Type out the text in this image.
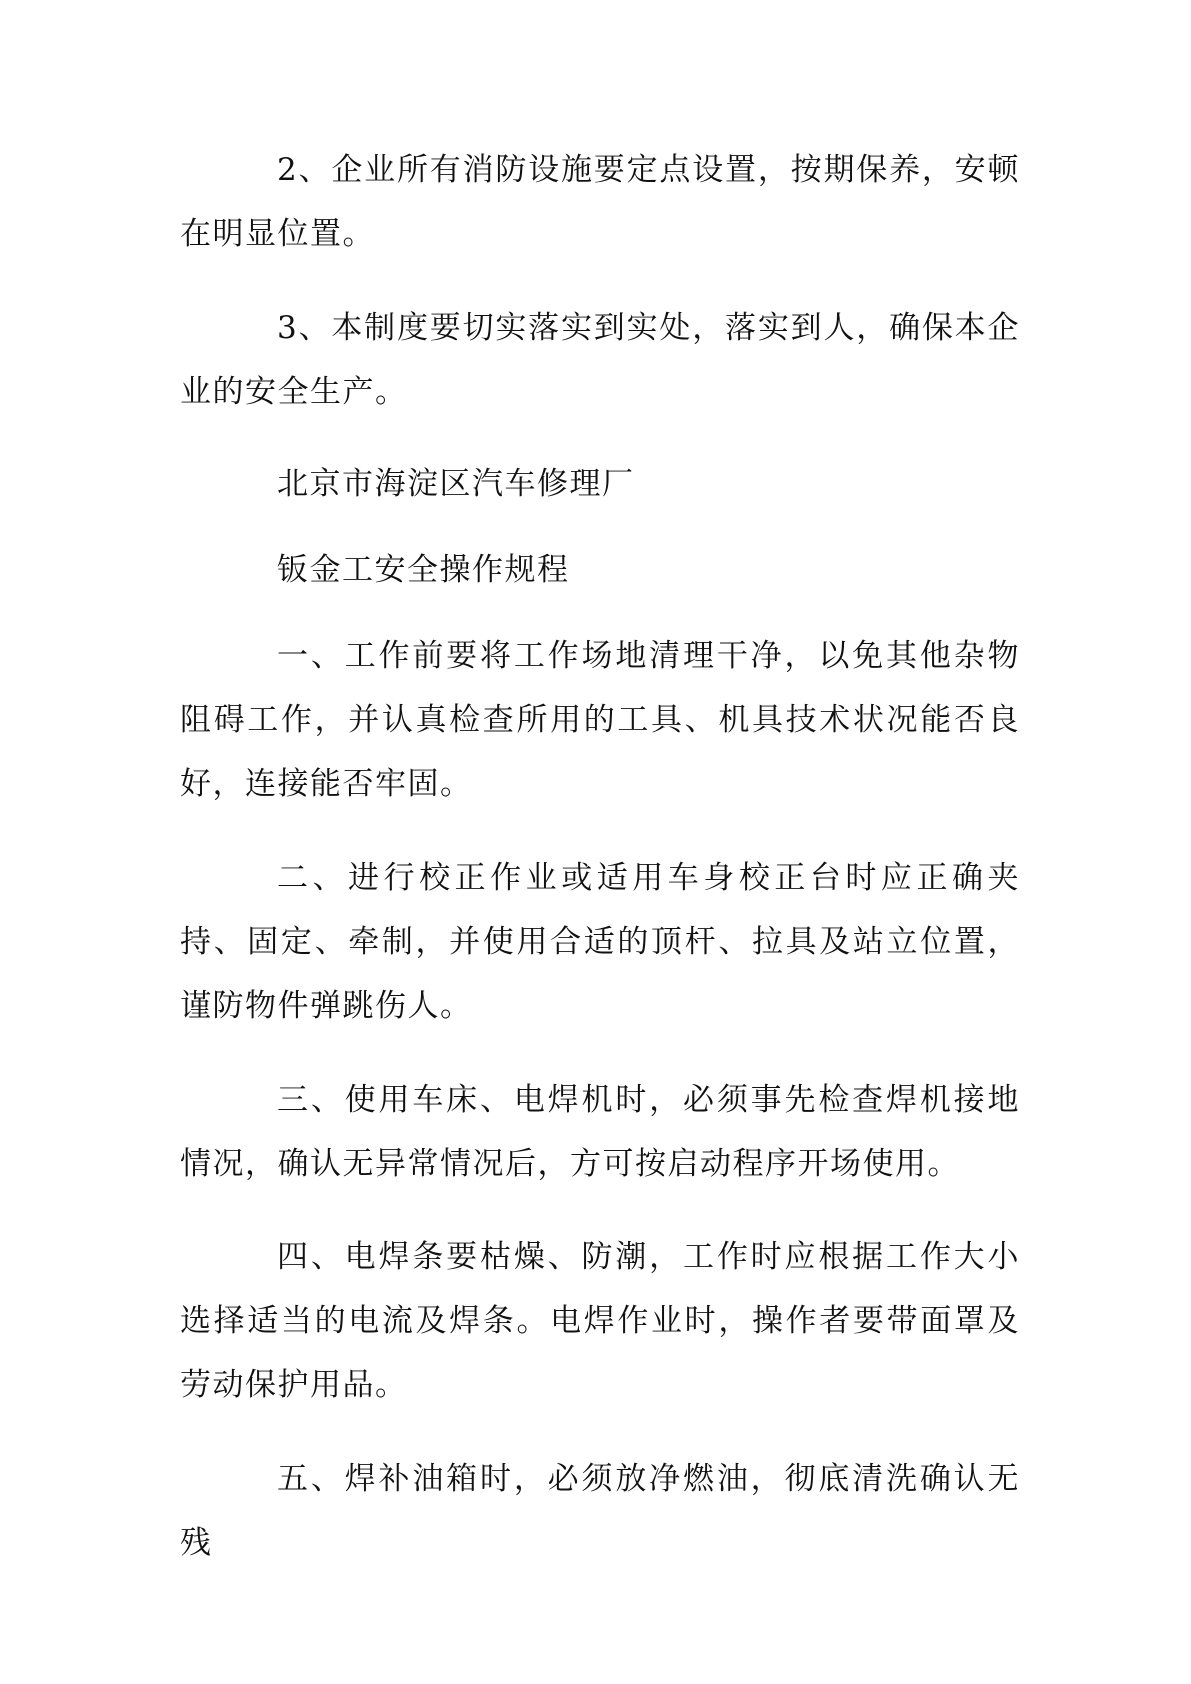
2、企业所有消防设施要定点设置，按期保养，安顿在明显位置。

3、本制度要切实落实到实处，落实到人，确保本企业的安全生产。

北京市海淀区汽车修理厂

钣金工安全操作规程

一、工作前要将工作场地清理干净，以免其他杂物阻碍工作，并认真检查所用的工具、机具技术状况能否良好，连接能否牢固。

二、进行校正作业或适用车身校正台时应正确夹持、固定、牵制，并使用合适的顶杆、拉具及站立位置，谨防物件弹跳伤人。

三、使用车床、电焊机时，必须事先检查焊机接地情况，确认无异常情况后，方可按启动程序开场使用。

四、电焊条要枯燥、防潮，工作时应根据工作大小选择适当的电流及焊条。电焊作业时，操作者要带面罩及劳动保护用品。

五、焊补油箱时，必须放净燃油，彻底清洗确认无残
